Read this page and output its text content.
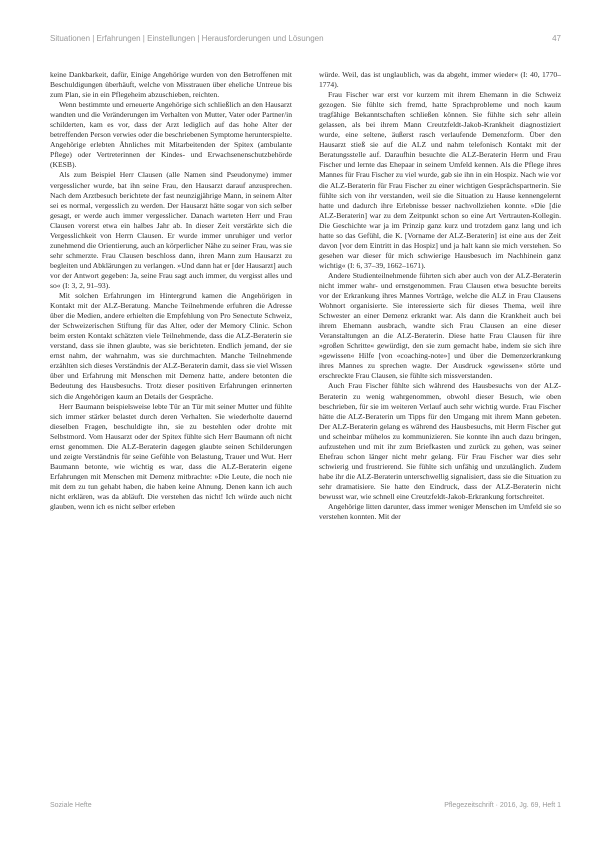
Situationen | Erfahrungen | Einstellungen | Herausforderungen und Lösungen	47

keine Dankbarkeit, dafür, Einige Angehörige wurden von den Betroffenen mit Beschuldigungen überhäuft, welche von Misstrauen über eheliche Untreue bis zum Plan, sie in ein Pflegeheim abzuschieben, reichten.

Wenn bestimmte und erneuerte Angehörige sich schließlich an den Hausarzt wandten und die Veränderungen im Verhalten von Mutter, Vater oder Partner/in schilderten, kam es vor, dass der Arzt lediglich auf das hohe Alter der betreffenden Person verwies oder die beschriebenen Symptome herunterspielte. Angehörige erlebten Ähnliches mit Mitarbeitenden der Spitex (ambulante Pflege) oder Vertreterinnen der Kindes- und Erwachsenenschutzbehörde (KESB).

Als zum Beispiel Herr Clausen (alle Namen sind Pseudonyme) immer vergesslicher wurde, bat ihn seine Frau, den Hausarzt darauf anzusprechen. Nach dem Arztbesuch berichtete der fast neunzigjährige Mann, in seinem Alter sei es normal, vergesslich zu werden. Der Hausarzt hätte sogar von sich selber gesagt, er werde auch immer vergesslicher. Danach warteten Herr und Frau Clausen vorerst etwa ein halbes Jahr ab. In dieser Zeit verstärkte sich die Vergesslichkeit von Herrn Clausen. Er wurde immer unruhiger und verlor zunehmend die Orientierung, auch an körperlicher Nähe zu seiner Frau, was sie sehr schmerzte. Frau Clausen beschloss dann, ihren Mann zum Hausarzt zu begleiten und Abklärungen zu verlangen. »Und dann hat er [der Hausarzt] auch vor der Antwort gegeben: Ja, seine Frau sagt auch immer, du vergisst alles und so« (I: 3, 2, 91–93).

Mit solchen Erfahrungen im Hintergrund kamen die Angehörigen in Kontakt mit der ALZ-Beratung. Manche Teilnehmende erfuhren die Adresse über die Medien, andere erhielten die Empfehlung von Pro Senectute Schweiz, der Schweizerischen Stiftung für das Alter, oder der Memory Clinic. Schon beim ersten Kontakt schätzten viele Teilnehmende, dass die ALZ-Beraterin sie verstand, dass sie ihnen glaubte, was sie berichteten. Endlich jemand, der sie ernst nahm, der wahrnahm, was sie durchmachten. Manche Teilnehmende erzählten sich dieses Verständnis der ALZ-Beraterin damit, dass sie viel Wissen über und Erfahrung mit Menschen mit Demenz hatte, andere betonten die Bedeutung des Hausbesuchs. Trotz dieser positiven Erfahrungen erinnerten sich die Angehörigen kaum an Details der Gespräche.

Herr Baumann beispielsweise lebte Tür an Tür mit seiner Mutter und fühlte sich immer stärker belastet durch deren Verhalten. Sie wiederholte dauernd dieselben Fragen, beschuldigte ihn, sie zu bestehlen oder drohte mit Selbstmord. Vom Hausarzt oder der Spitex fühlte sich Herr Baumann oft nicht ernst genommen. Die ALZ-Beraterin dagegen glaubte seinen Schilderungen und zeigte Verständnis für seine Gefühle von Belastung, Trauer und Wut. Herr Baumann betonte, wie wichtig es war, dass die ALZ-Beraterin eigene Erfahrungen mit Menschen mit Demenz mitbrachte: »Die Leute, die noch nie mit dem zu tun gehabt haben, die haben keine Ahnung. Denen kann ich auch nicht erklären, was da abläuft. Die verstehen das nicht! Ich würde auch nicht glauben, wenn ich es nicht selber erleben

würde. Weil, das ist unglaublich, was da abgeht, immer wieder« (I: 40, 1770–1774).

Frau Fischer war erst vor kurzem mit ihrem Ehemann in die Schweiz gezogen. Sie fühlte sich fremd, hatte Sprachprobleme und noch kaum tragfähige Bekanntschaften schließen können. Sie fühlte sich sehr allein gelassen, als bei ihrem Mann Creutzfeldt-Jakob-Krankheit diagnostiziert wurde, eine seltene, äußerst rasch verlaufende Demenzform. Über den Hausarzt stieß sie auf die ALZ und nahm telefonisch Kontakt mit der Beratungsstelle auf. Daraufhin besuchte die ALZ-Beraterin Herrn und Frau Fischer und lernte das Ehepaar in seinem Umfeld kennen. Als die Pflege ihres Mannes für Frau Fischer zu viel wurde, gab sie ihn in ein Hospiz. Nach wie vor die ALZ-Beraterin für Frau Fischer zu einer wichtigen Gesprächspartnerin. Sie fühlte sich von ihr verstanden, weil sie die Situation zu Hause kennengelernt hatte und dadurch ihre Erlebnisse besser nachvollziehen konnte. »Die [die ALZ-Beraterin] war zu dem Zeitpunkt schon so eine Art Vertrauten-Kollegin. Die Geschichte war ja im Prinzip ganz kurz und trotzdem ganz lang und ich hatte so das Gefühl, die K. [Vorname der ALZ-Beraterin] ist eine aus der Zeit davon [vor dem Eintritt in das Hospiz] und ja halt kann sie mich verstehen. So gesehen war dieser für mich schwierige Hausbesuch im Nachhinein ganz wichtig« (I: 6, 37–39, 1662–1671).

Andere Studienteilnehmende führten sich aber auch von der ALZ-Beraterin nicht immer wahr- und ernstgenommen. Frau Clausen etwa besuchte bereits vor der Erkrankung ihres Mannes Vorträge, welche die ALZ in Frau Clausens Wohnort organisierte. Sie interessierte sich für dieses Thema, weil ihre Schwester an einer Demenz erkrankt war. Als dann die Krankheit auch bei ihrem Ehemann ausbrach, wandte sich Frau Clausen an eine dieser Veranstaltungen an die ALZ-Beraterin. Diese hatte Frau Clausen für ihre »großen Schritte« gewürdigt, den sie zum gemacht habe, indem sie sich ihre »gewissen« Hilfe [von «coaching-note»] und über die Demenzerkrankung ihres Mannes zu sprechen wagte. Der Ausdruck »gewissen« störte und erschreckte Frau Clausen, sie fühlte sich missverstanden.

Auch Frau Fischer fühlte sich während des Hausbesuchs von der ALZ-Beraterin zu wenig wahrgenommen, obwohl dieser Besuch, wie oben beschrieben, für sie im weiteren Verlauf auch sehr wichtig wurde. Frau Fischer hätte die ALZ-Beraterin um Tipps für den Umgang mit ihrem Mann gebeten. Der ALZ-Beraterin gelang es während des Hausbesuchs, mit Herrn Fischer gut und scheinbar mühelos zu kommunizieren. Sie konnte ihn auch dazu bringen, aufzustehen und mit ihr zum Briefkasten und zurück zu gehen, was seiner Ehefrau schon länger nicht mehr gelang. Für Frau Fischer war dies sehr schwierig und frustrierend. Sie fühlte sich unfähig und unzulänglich. Zudem habe ihr die ALZ-Beraterin unterschwellig signalisiert, dass sie die Situation zu sehr dramatisiere. Sie hatte den Eindruck, dass der ALZ-Beraterin nicht bewusst war, wie schnell eine Creutzfeldt-Jakob-Erkrankung fortschreitet.

Angehörige litten darunter, dass immer weniger Menschen im Umfeld sie so verstehen konnten. Mit der

Soziale Hefte	Pflegezeitschrift · 2016, Jg. 69, Heft 1
